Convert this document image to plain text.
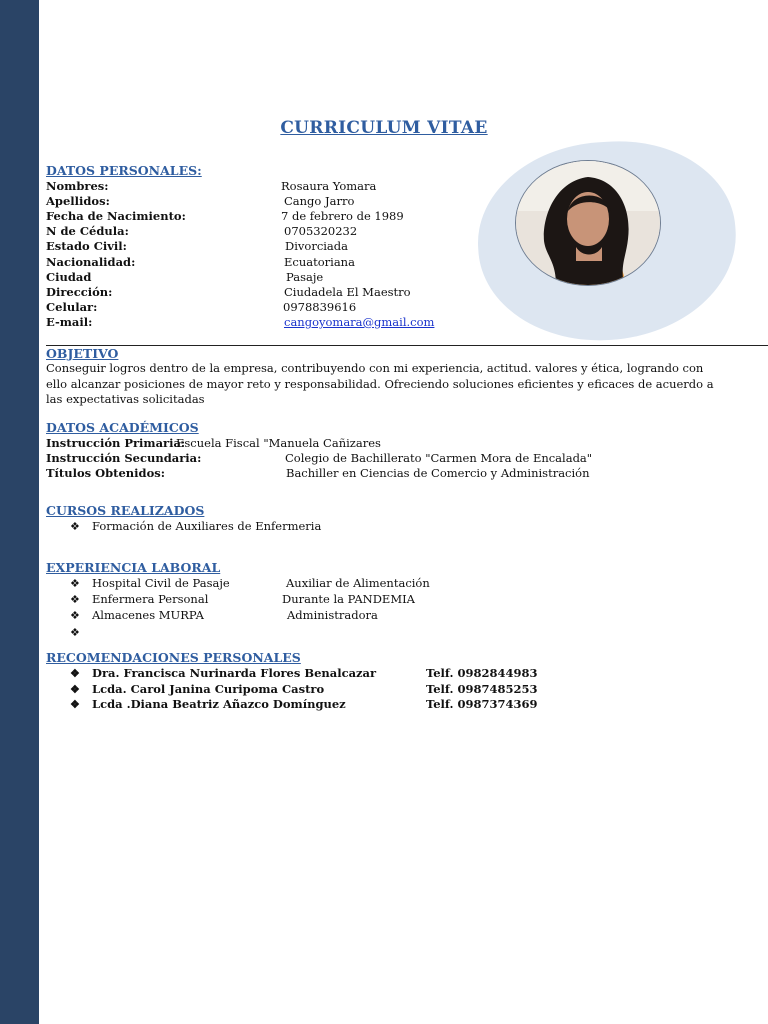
CURRICULUM VITAE
DATOS PERSONALES:
Nombres:	Rosaura Yomara
Apellidos:	Cango Jarro
Fecha de Nacimiento:	7 de febrero de 1989
N de Cédula:	0705320232
Estado Civil:	Divorciada
Nacionalidad:	Ecuatoriana
Ciudad	Pasaje
Dirección:	Ciudadela El Maestro
Celular:	0978839616
E-mail:	cangoyomara@gmail.com
OBJETIVO
Conseguir logros dentro de la empresa, contribuyendo con mi experiencia, actitud. valores y ética, logrando con ello alcanzar posiciones de mayor reto y responsabilidad. Ofreciendo soluciones eficientes y eficaces de acuerdo a las expectativas solicitadas
DATOS ACADÉMICOS
Instrucción Primaria:
Escuela Fiscal "Manuela Cañizares
Instrucción Secundaria:	Colegio de Bachillerato "Carmen Mora de Encalada"
Títulos Obtenidos:	Bachiller en Ciencias de Comercio y Administración
CURSOS REALIZADOS
❖ Formación de Auxiliares de Enfermeria
EXPERIENCIA LABORAL
❖ Hospital Civil de Pasaje	Auxiliar de Alimentación
❖ Enfermera Personal	Durante la PANDEMIA
❖ Almacenes MURPA	Administradora
❖
RECOMENDACIONES PERSONALES
❖ Dra. Francisca Nurinarda Flores Benalcazar	Telf. 0982844983
❖ Lcda. Carol Janina Curipoma Castro	Telf. 0987485253
❖ Lcda .Diana Beatriz Añazco Domínguez	Telf. 0987374369
